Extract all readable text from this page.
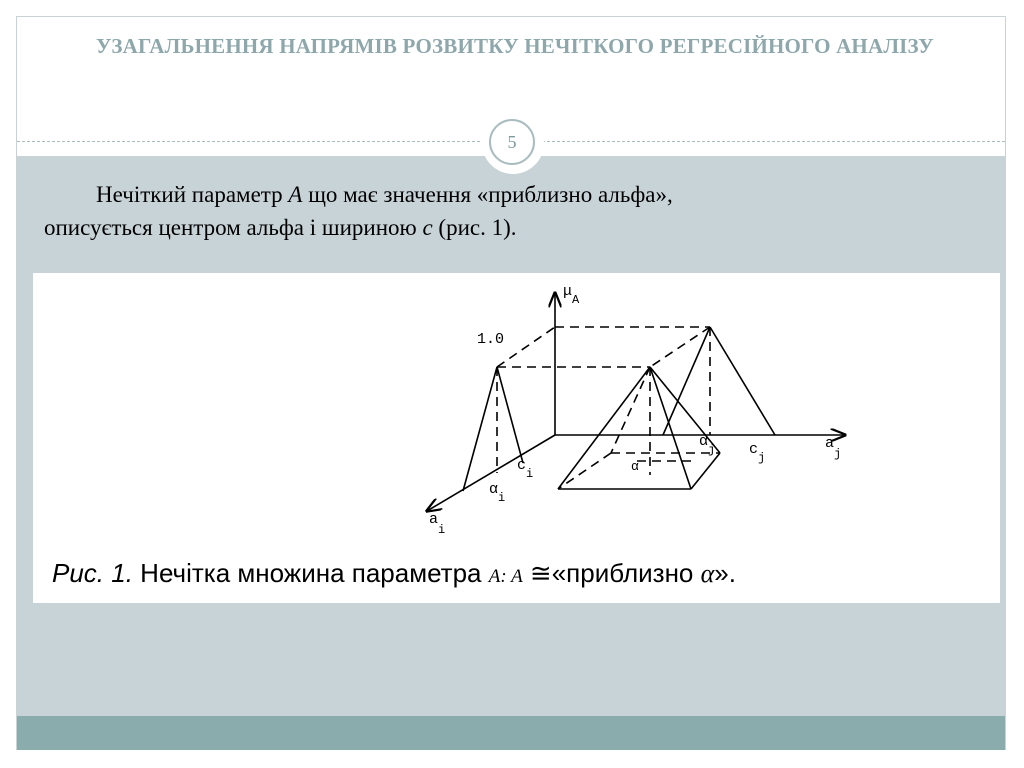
УЗАГАЛЬНЕННЯ НАПРЯМІВ РОЗВИТКУ НЕЧІТКОГО РЕГРЕСІЙНОГО АНАЛІЗУ
5
Нечіткий параметр A що має значення «приблизно альфа»,
описується центром альфа і шириною c (рис. 1).
$\mu_A$
1.0
$a_j$
$a_i$
$c_i$
$\alpha_i$
$\alpha_j$ $c_j$
α
Рис. 1. Нечітка множина параметра A: A ≅«приблизно α».
